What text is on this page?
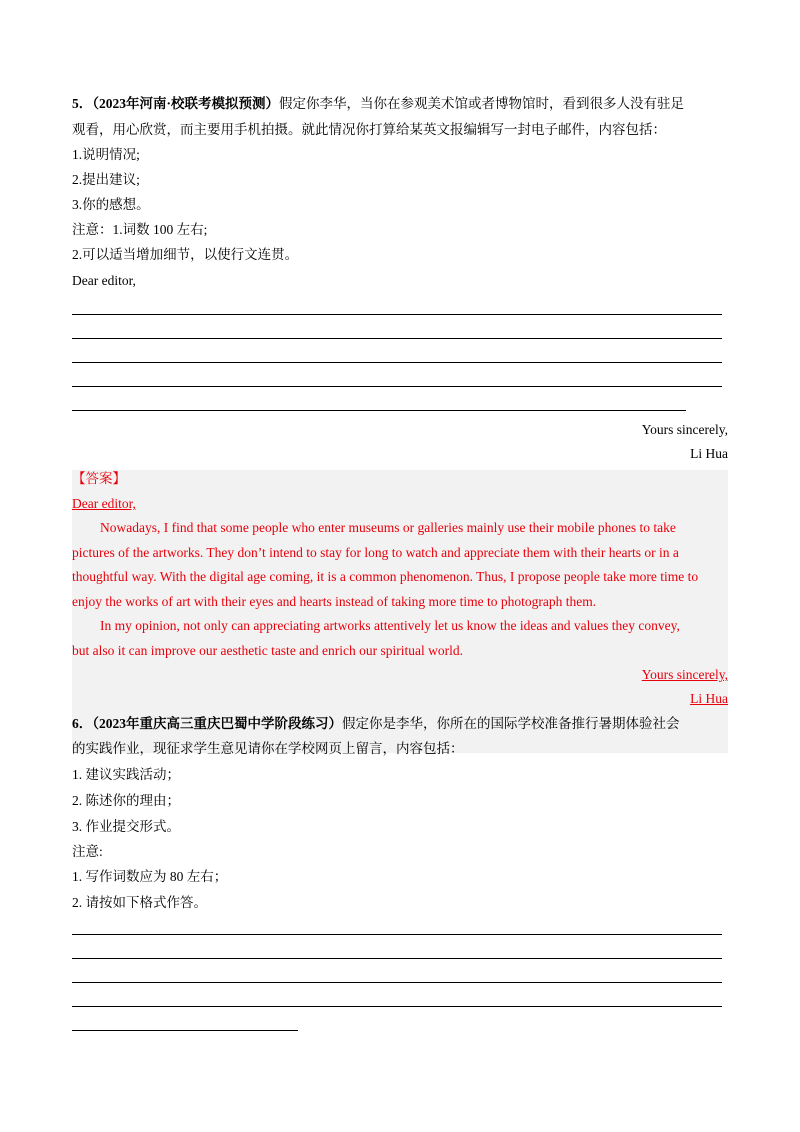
5．（2023年河南·校联考模拟预测）假定你李华，当你在参观美术馆或者博物馆时，看到很多人没有驻足
观看，用心欣赏，而主要用手机拍摄。就此情况你打算给某英文报编辑写一封电子邮件，内容包括：
1.说明情况;
2.提出建议;
3.你的感想。
注意：1.词数 100 左右;
2.可以适当增加细节，以使行文连贯。
Dear editor,
Yours sincerely,
Li Hua
【答案】
Dear editor,
Nowadays, I find that some people who enter museums or galleries mainly use their mobile phones to take
pictures of the artworks. They don’t intend to stay for long to watch and appreciate them with their hearts or in a
thoughtful way. With the digital age coming, it is a common phenomenon. Thus, I propose people take more time to
enjoy the works of art with their eyes and hearts instead of taking more time to photograph them.
In my opinion, not only can appreciating artworks attentively let us know the ideas and values they convey,
but also it can improve our aesthetic taste and enrich our spiritual world.
Yours sincerely,
Li Hua
6．（2023年重庆高三重庆巴蜀中学阶段练习）假定你是李华，你所在的国际学校准备推行暑期体验社会
的实践作业，现征求学生意见请你在学校网页上留言，内容包括：
1. 建议实践活动；
2. 陈述你的理由；
3. 作业提交形式。
注意:
1. 写作词数应为 80 左右；
2. 请按如下格式作答。
